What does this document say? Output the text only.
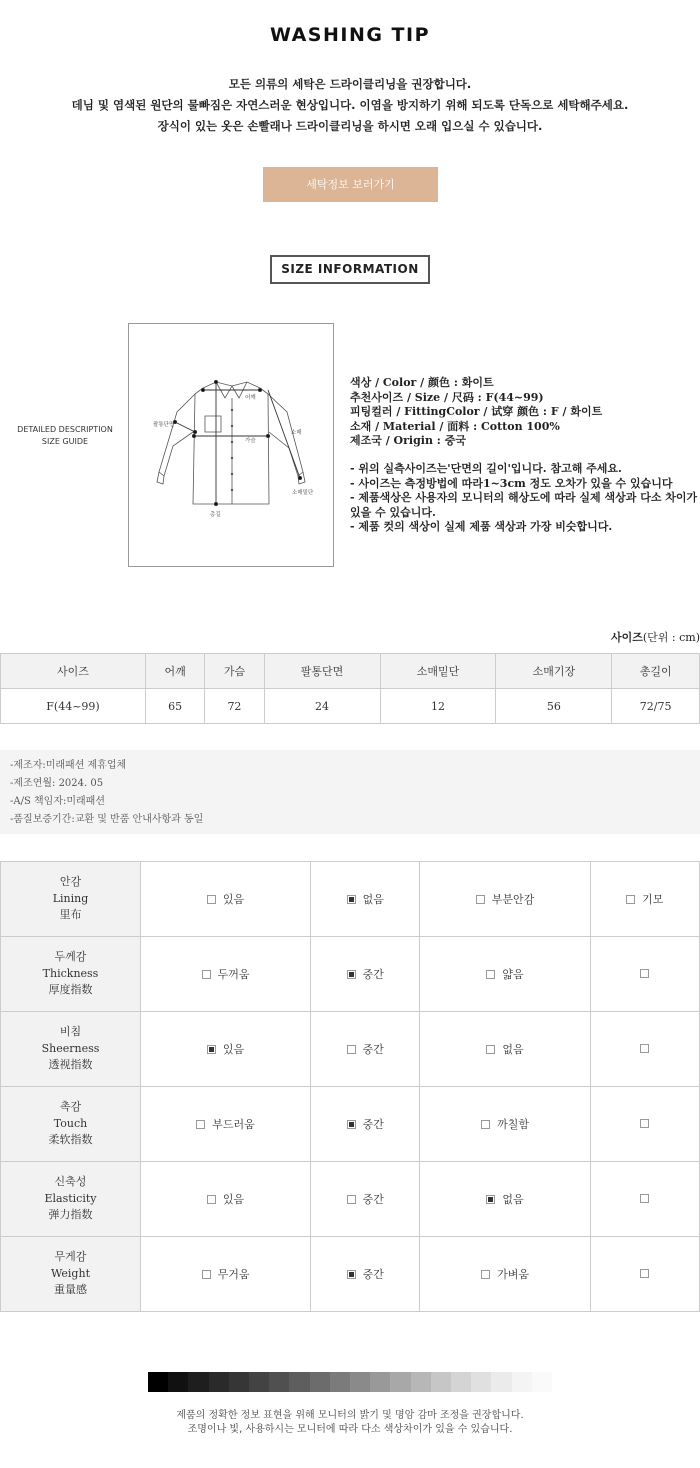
WASHING TIP
모든 의류의 세탁은 드라이클리닝을 권장합니다.
데님 및 염색된 원단의 물빠짐은 자연스러운 현상입니다. 이염을 방지하기 위해 되도록 단독으로 세탁해주세요.
장식이 있는 옷은 손빨래나 드라이클리닝을 하시면 오래 입으실 수 있습니다.
세탁정보 보러가기
SIZE INFORMATION
DETAILED DESCRIPTION
SIZE GUIDE
어깨
가슴
팔통단면
소매
소매밑단
총길
색상 / Color / 颜色 : 화이트
추천사이즈 / Size / 尺码 : F(44~99)
피팅컬러 / FittingColor / 试穿 颜色 : F / 화이트
소재 / Material / 面料 : Cotton 100%
제조국 / Origin : 중국
- 위의 실측사이즈는'단면의 길이'입니다. 참고해 주세요.
- 사이즈는 측정방법에 따라1~3cm 정도 오차가 있을 수 있습니다
- 제품색상은 사용자의 모니터의 해상도에 따라 실제 색상과 다소 차이가 있을 수 있습니다.
- 제품 컷의 색상이 실제 제품 색상과 가장 비슷합니다.
사이즈(단위 : cm)
사이즈	어깨	가슴	팔통단면	소매밑단	소매기장	총길이
F(44~99)	65	72	24	12	56	72/75
-제조자:미래패션 제휴업체
-제조연월: 2024. 05
-A/S 책임자:미래패션
-품질보증기간:교환 및 반품 안내사항과 동일
안감
Lining
里布	있음	없음	부분안감	기모

두께감
Thickness
厚度指数	두꺼움	중간	얇음	

비침
Sheerness
透视指数	있음	중간	없음	

촉감
Touch
柔软指数	부드러움	중간	까칠함	

신축성
Elasticity
弹力指数	있음	중간	없음	

무게감
Weight
重量感	무거움	중간	가벼움	

제품의 정확한 정보 표현을 위해 모니터의 밝기 및 명암 감마 조정을 권장합니다.
조명이나 빛, 사용하시는 모니터에 따라 다소 색상차이가 있을 수 있습니다.
